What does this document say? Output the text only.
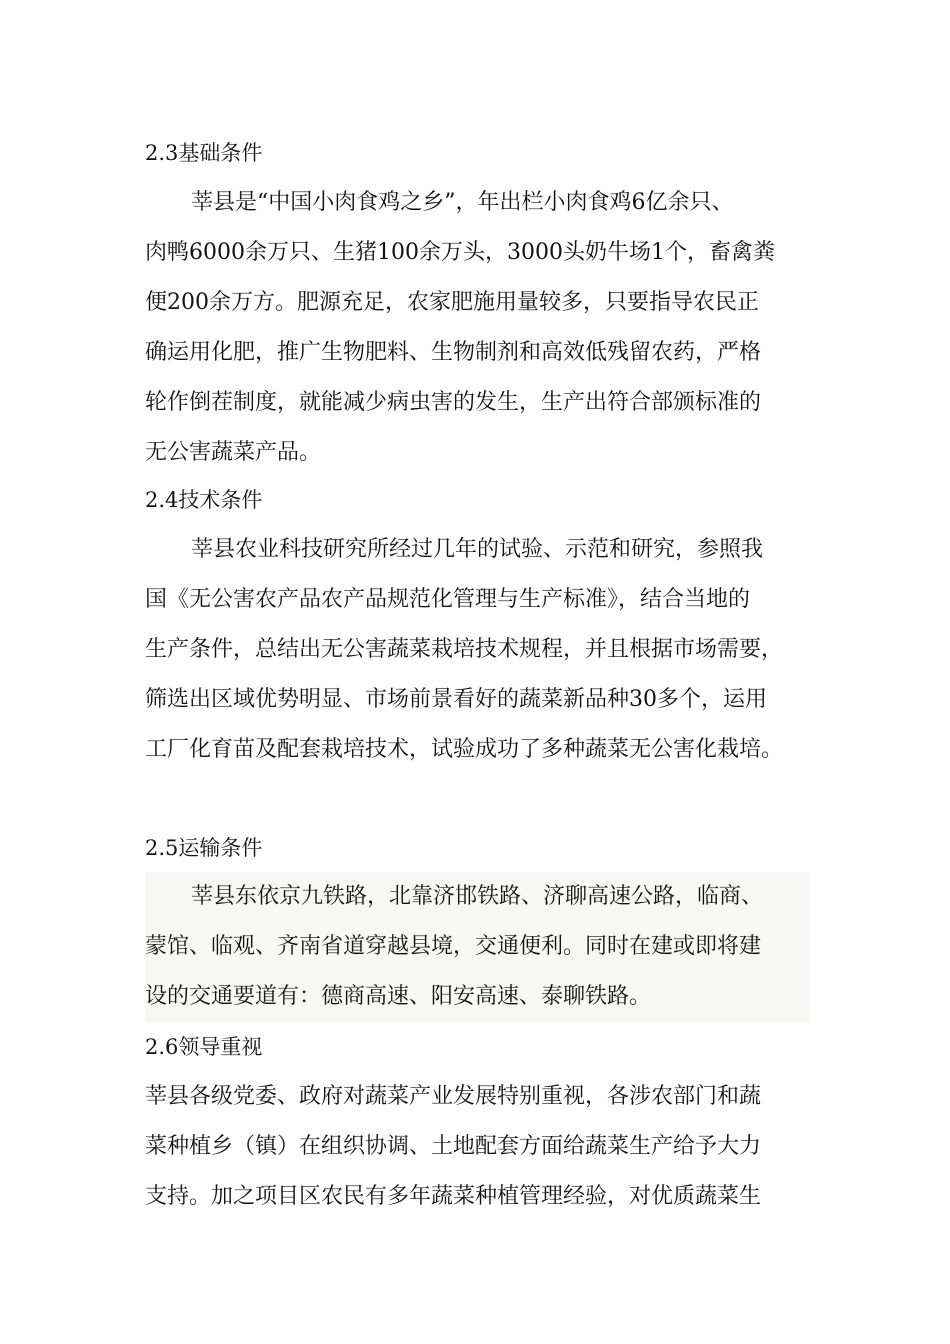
2.3基础条件
莘县是“中国小肉食鸡之乡”，年出栏小肉食鸡6亿余只、
肉鸭6000余万只、生猪100余万头，3000头奶牛场1个，畜禽粪
便200余万方。肥源充足，农家肥施用量较多，只要指导农民正
确运用化肥，推广生物肥料、生物制剂和高效低残留农药，严格
轮作倒茬制度，就能减少病虫害的发生，生产出符合部颁标准的
无公害蔬菜产品。
2.4技术条件
莘县农业科技研究所经过几年的试验、示范和研究，参照我
国《无公害农产品农产品规范化管理与生产标准》，结合当地的
生产条件，总结出无公害蔬菜栽培技术规程，并且根据市场需要，
筛选出区域优势明显、市场前景看好的蔬菜新品种30多个，运用
工厂化育苗及配套栽培技术，试验成功了多种蔬菜无公害化栽培。
2.5运输条件
莘县东依京九铁路，北靠济邯铁路、济聊高速公路，临商、
蒙馆、临观、齐南省道穿越县境，交通便利。同时在建或即将建
设的交通要道有：德商高速、阳安高速、泰聊铁路。
2.6领导重视
莘县各级党委、政府对蔬菜产业发展特别重视，各涉农部门和蔬
菜种植乡（镇）在组织协调、土地配套方面给蔬菜生产给予大力
支持。加之项目区农民有多年蔬菜种植管理经验，对优质蔬菜生
